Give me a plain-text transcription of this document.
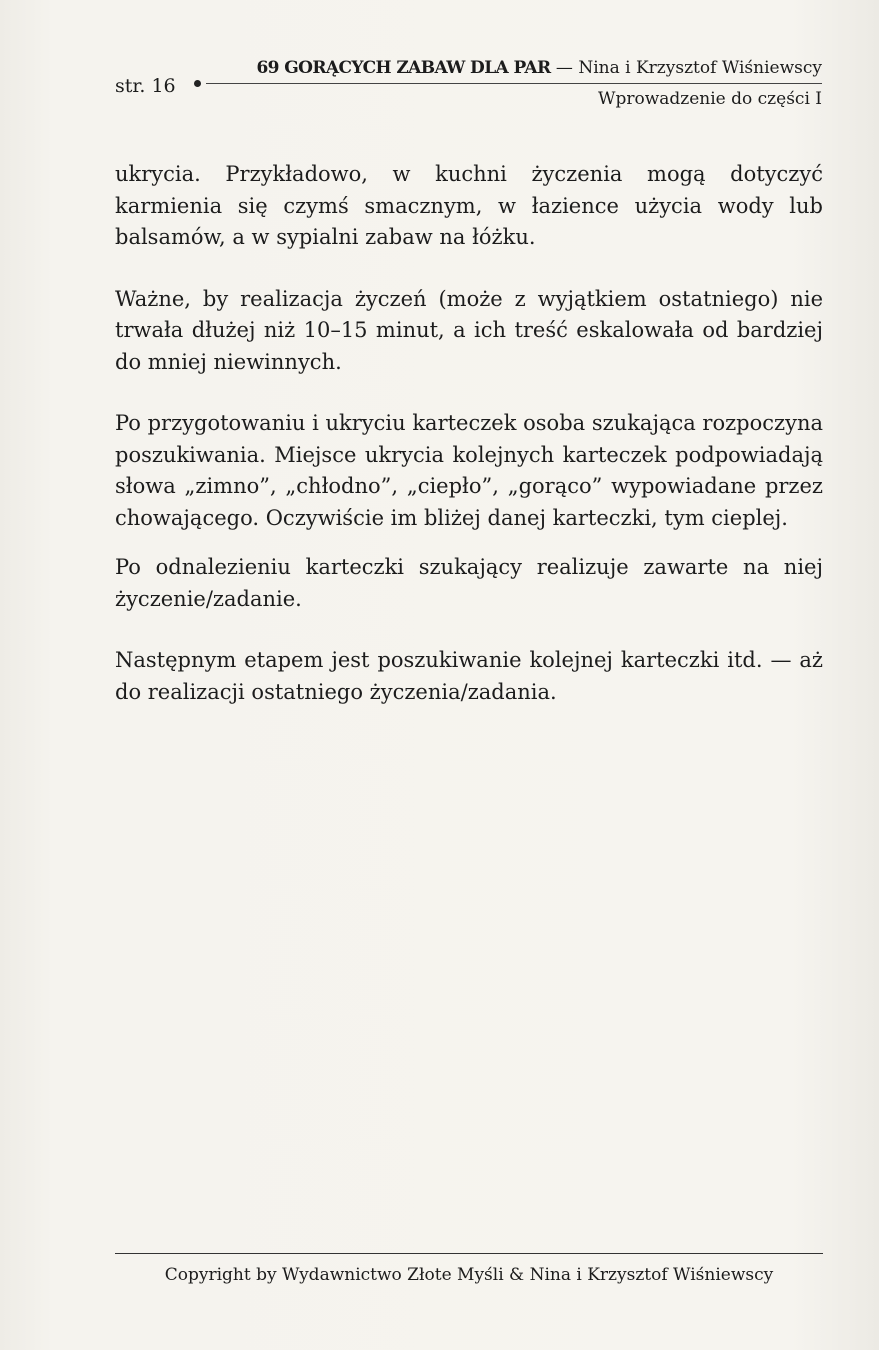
str. 16
69 GORĄCYCH ZABAW DLA PAR — Nina i Krzysztof Wiśniewscy
Wprowadzenie do części I

ukrycia. Przykładowo, w kuchni życzenia mogą dotyczyć karmienia się czymś smacznym, w łazience użycia wody lub balsamów, a w sypialni zabaw na łóżku.

Ważne, by realizacja życzeń (może z wyjątkiem ostatniego) nie trwała dłużej niż 10–15 minut, a ich treść eskalowała od bardziej do mniej niewinnych.

Po przygotowaniu i ukryciu karteczek osoba szukająca rozpoczyna poszukiwania. Miejsce ukrycia kolejnych karteczek podpowiadają słowa „zimno”, „chłodno”, „ciepło”, „gorąco” wypowiadane przez chowającego. Oczywiście im bliżej danej karteczki, tym cieplej.

Po odnalezieniu karteczki szukający realizuje zawarte na niej życzenie/zadanie.

Następnym etapem jest poszukiwanie kolejnej karteczki itd. — aż do realizacji ostatniego życzenia/zadania.

Copyright by Wydawnictwo Złote Myśli & Nina i Krzysztof Wiśniewscy
